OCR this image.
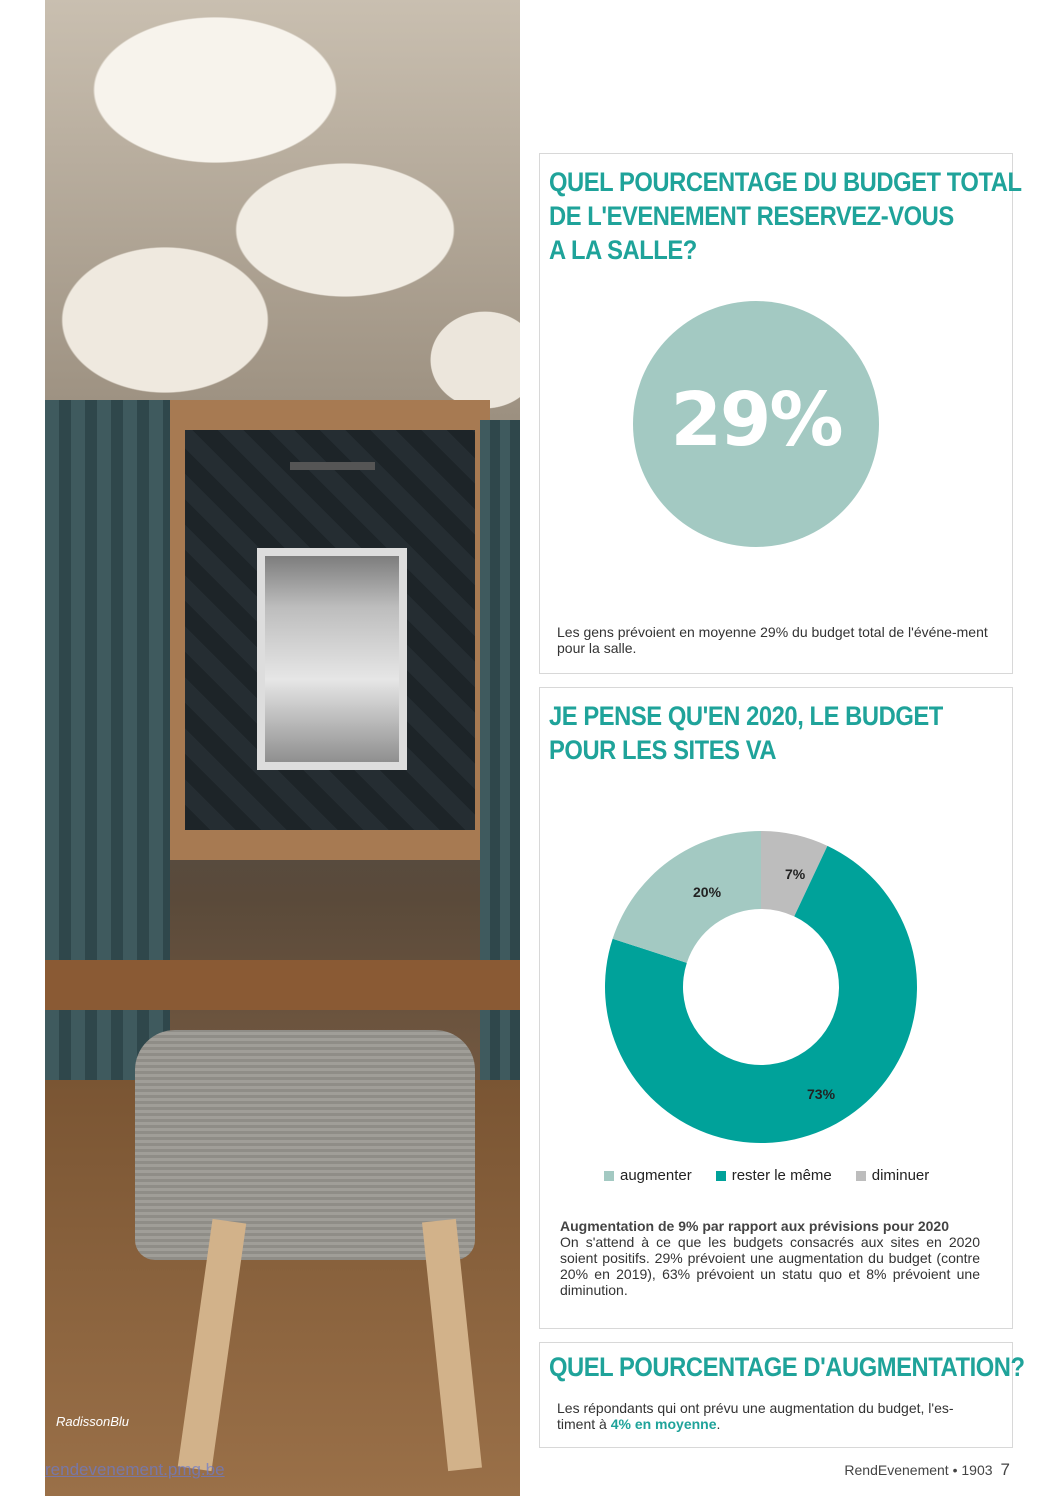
RadissonBlu
QUEL POURCENTAGE DU BUDGET TOTAL
DE L'EVENEMENT RESERVEZ-VOUS
A LA SALLE?
29%

Les gens prévoient en moyenne 29% du budget total de l'événe-ment pour la salle.

JE PENSE QU'EN 2020, LE BUDGET
POUR LES SITES VA
7%
73%
20%
augmenter	rester le même	diminuer

Augmentation de 9% par rapport aux prévisions pour 2020
On s'attend à ce que les budgets consacrés aux sites en 2020 soient positifs. 29% prévoient une augmentation du budget (contre 20% en 2019), 63% prévoient un statu quo et 8% prévoient une diminution.

QUEL POURCENTAGE D'AUGMENTATION?

Les répondants qui ont prévu une augmentation du budget, l'es-timent à 4% en moyenne.

rendevenement.pmg.be	RendEvenement • 1903 7
